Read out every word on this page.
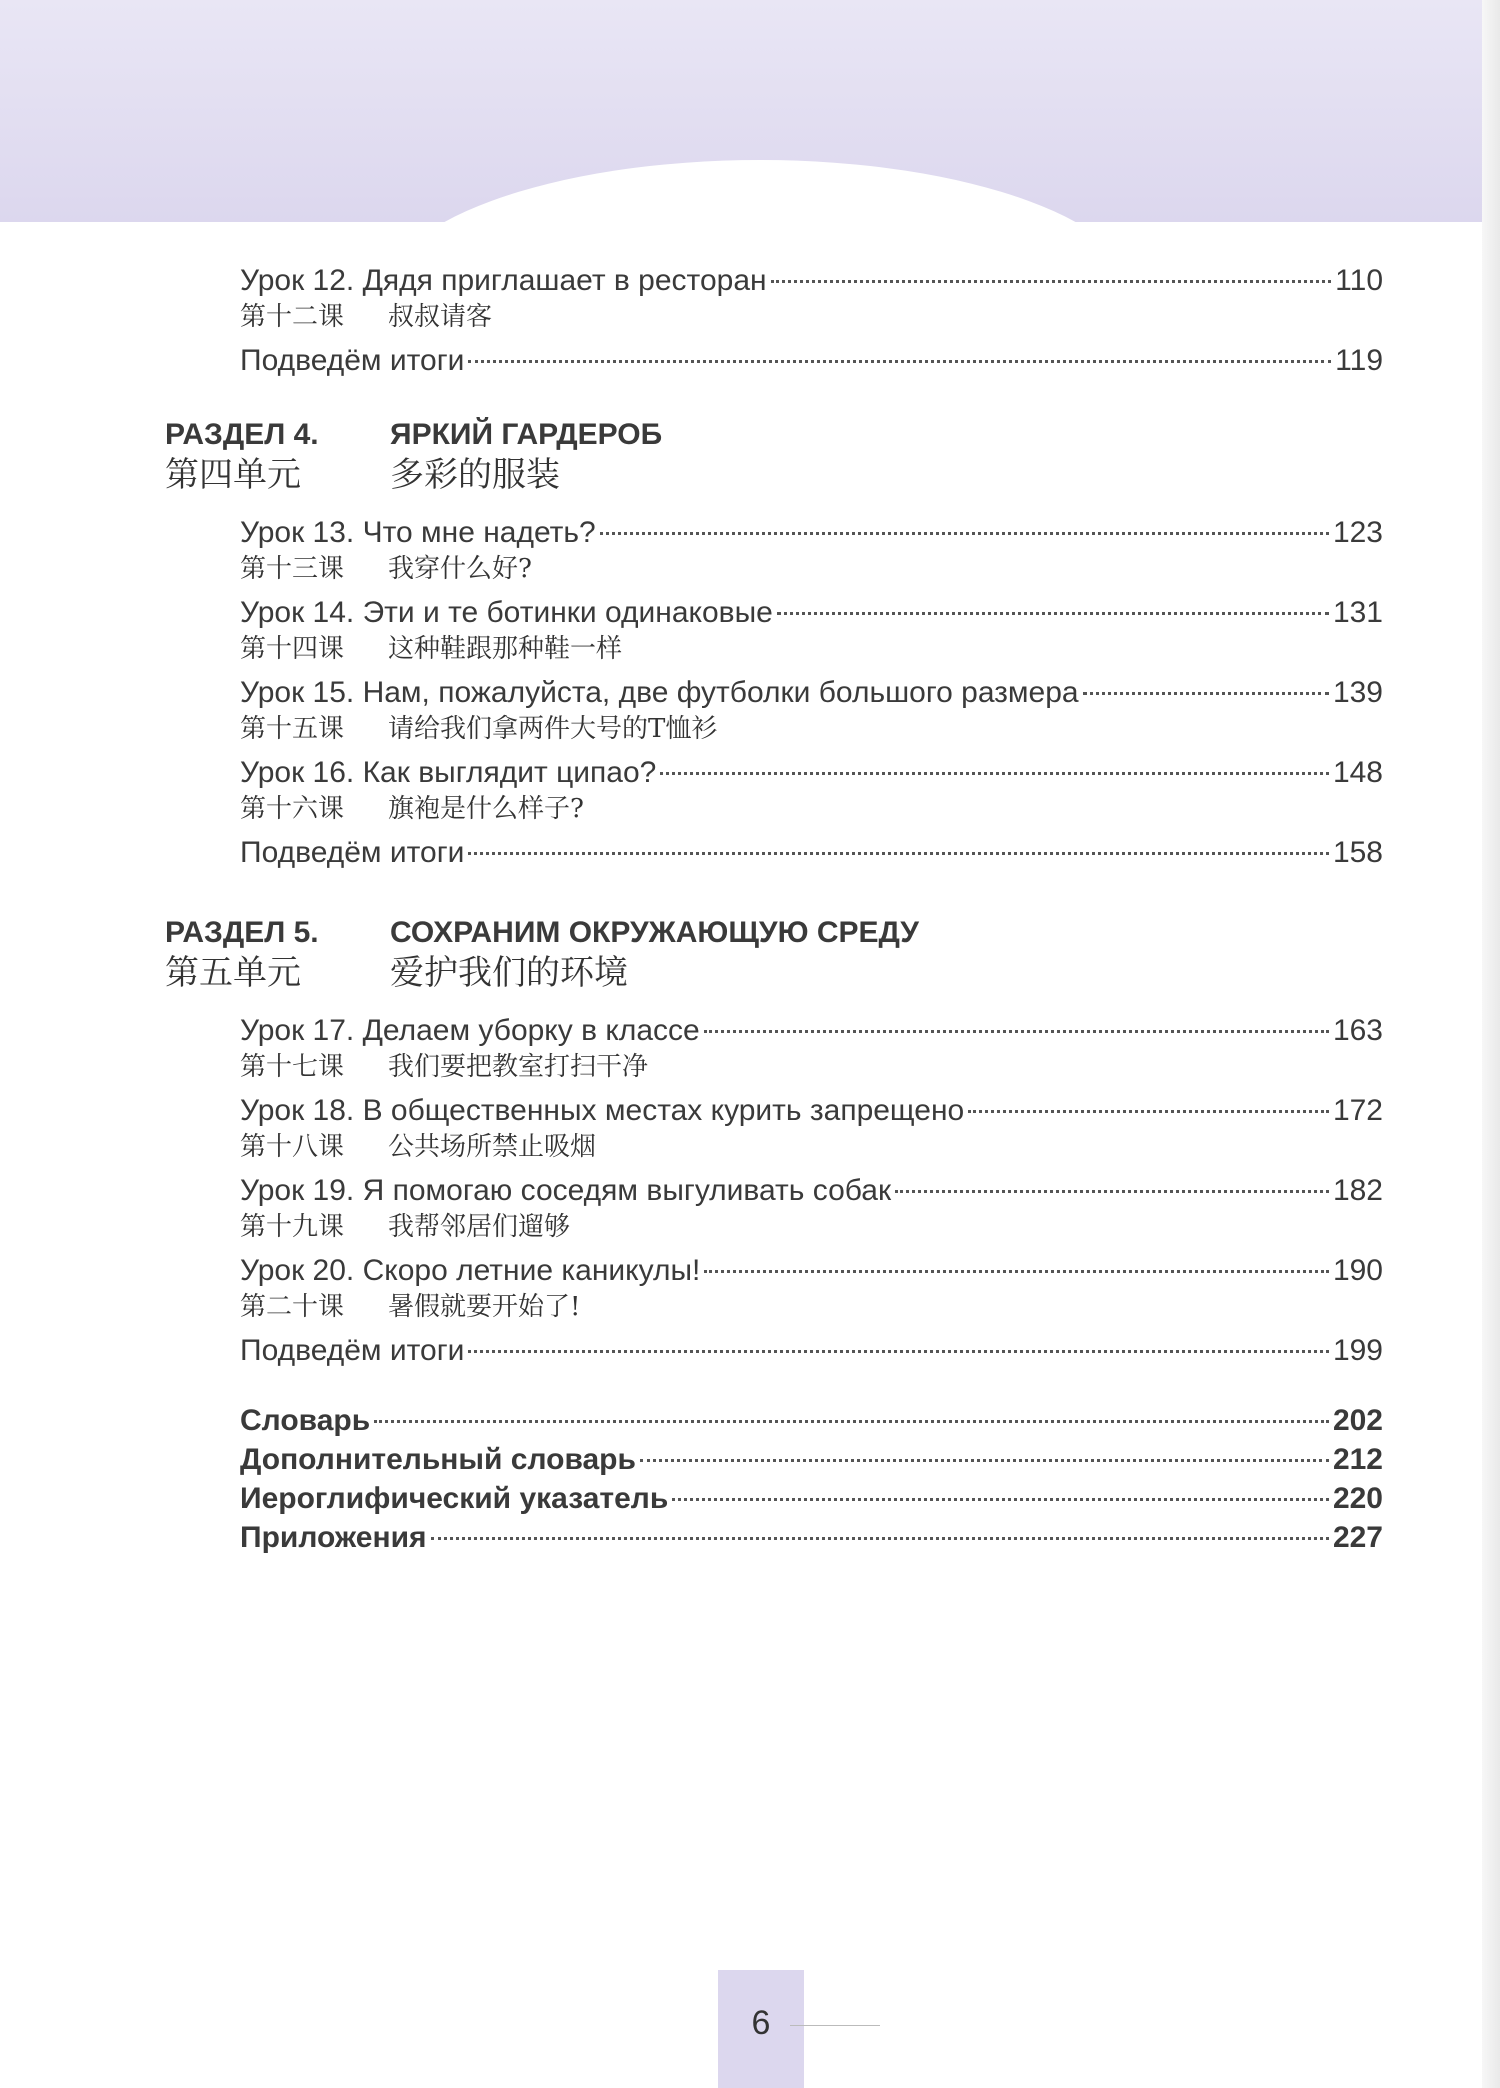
РАЗДЕЛ 4. ЯРКИЙ ГАРДЕРОБ
第四单元	多彩的服装
РАЗДЕЛ 5. СОХРАНИМ ОКРУЖАЮЩУЮ СРЕДУ
第五单元	爱护我们的环境
Урок 12. Дядя приглашает в ресторан	110
第十二课 叔叔请客
Подведём итоги	119
Урок 13. Что мне надеть?	123
第十三课 我穿什么好?
Урок 14. Эти и те ботинки одинаковые	131
第十四课 这种鞋跟那种鞋一样
Урок 15. Нам, пожалуйста, две футболки большого размера	139
第十五课 请给我们拿两件大号的T恤衫
Урок 16. Как выглядит ципао?	148
第十六课 旗袍是什么样子?
Подведём итоги	158
Урок 17. Делаем уборку в классе	163
第十七课 我们要把教室打扫干净
Урок 18. В общественных местах курить запрещено	172
第十八课 公共场所禁止吸烟
Урок 19. Я помогаю соседям выгуливать собак	182
第十九课 我帮邻居们遛够
Урок 20. Скоро летние каникулы!	190
第二十课 暑假就要开始了!
Подведём итоги	199
Словарь	202
Дополнительный словарь	212
Иероглифический указатель	220
Приложения	227
6
